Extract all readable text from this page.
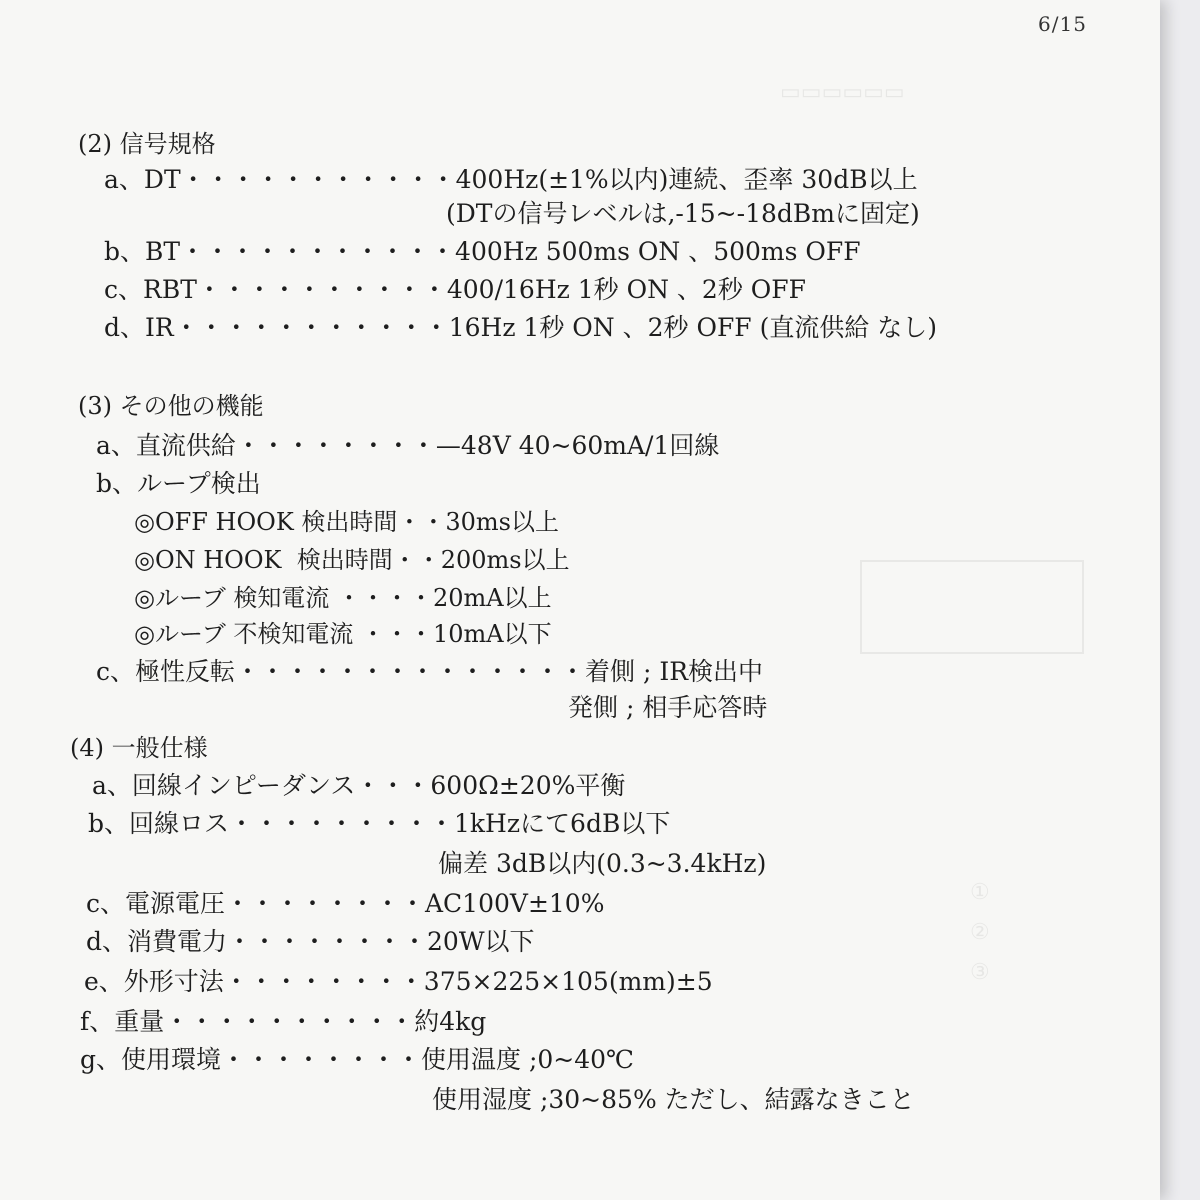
▭▭▭▭▭▭
①
②
③
6/15
(2) 信号規格
a、DT・・・・・・・・・・・400Hz(±1%以内)連続、歪率 30dB以上
(DTの信号レベルは,-15~-18dBmに固定)
b、BT・・・・・・・・・・・400Hz 500ms ON 、500ms OFF
c、RBT・・・・・・・・・・400/16Hz 1秒 ON 、2秒 OFF
d、IR・・・・・・・・・・・16Hz 1秒 ON 、2秒 OFF (直流供給 なし)
(3) その他の機能
a、直流供給・・・・・・・・—48V 40~60mA/1回線
b、ループ検出
◎OFF HOOK 検出時間・・30ms以上
◎ON HOOK  検出時間・・200ms以上
◎ルーブ 検知電流 ・・・・20mA以上
◎ルーブ 不検知電流 ・・・10mA以下
c、極性反転・・・・・・・・・・・・・・着側 ; IR検出中
発側 ; 相手応答時
(4) 一般仕様
a、回線インピーダンス・・・600Ω±20%平衡
b、回線ロス・・・・・・・・・1kHzにて6dB以下
偏差 3dB以内(0.3~3.4kHz)
c、電源電圧・・・・・・・・AC100V±10%
d、消費電力・・・・・・・・20W以下
e、外形寸法・・・・・・・・375×225×105(mm)±5
f、重量・・・・・・・・・・約4kg
g、使用環境・・・・・・・・使用温度 ;0~40℃
使用湿度 ;30~85% ただし、結露なきこと
